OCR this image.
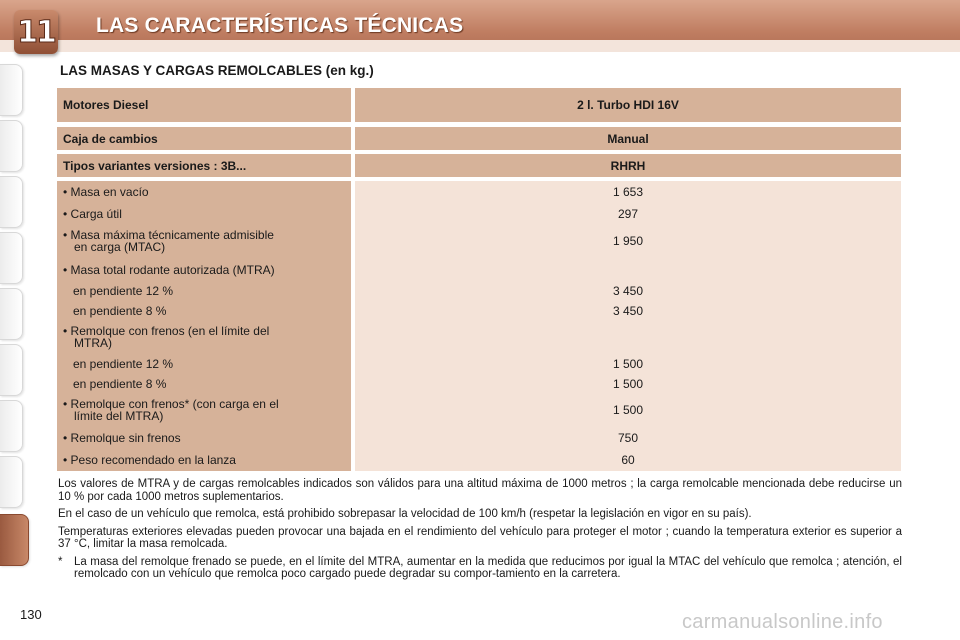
11 LAS CARACTERÍSTICAS TÉCNICAS
LAS MASAS Y CARGAS REMOLCABLES (en kg.)
Motores Diesel	2 l. Turbo HDI 16V
Caja de cambios	Manual
Tipos variantes versiones : 3B...	RHRH
• Masa en vacío	1 653
• Carga útil	297
• Masa máxima técnicamente admisible
en carga (MTAC)	1 950
• Masa total rodante autorizada (MTRA)
en pendiente 12 %	3 450
en pendiente 8 %	3 450
• Remolque con frenos (en el límite del
MTRA)
en pendiente 12 %	1 500
en pendiente 8 %	1 500
• Remolque con frenos* (con carga en el
límite del MTRA)	1 500
• Remolque sin frenos	750
• Peso recomendado en la lanza	60

Los valores de MTRA y de cargas remolcables indicados son válidos para una altitud máxima de 1000 metros ; la carga remolcable mencionada debe reducirse un 10 % por cada 1000 metros suplementarios.

En el caso de un vehículo que remolca, está prohibido sobrepasar la velocidad de 100 km/h (respetar la legislación en vigor en su país).

Temperaturas exteriores elevadas pueden provocar una bajada en el rendimiento del vehículo para proteger el motor ; cuando la temperatura exterior es superior a 37 °C, limitar la masa remolcada.

* La masa del remolque frenado se puede, en el límite del MTRA, aumentar en la medida que reducimos por igual la MTAC del vehículo que remolca ; atención, el remolcado con un vehículo que remolca poco cargado puede degradar su compor-tamiento en la carretera.

130	carmanualsonline.info
